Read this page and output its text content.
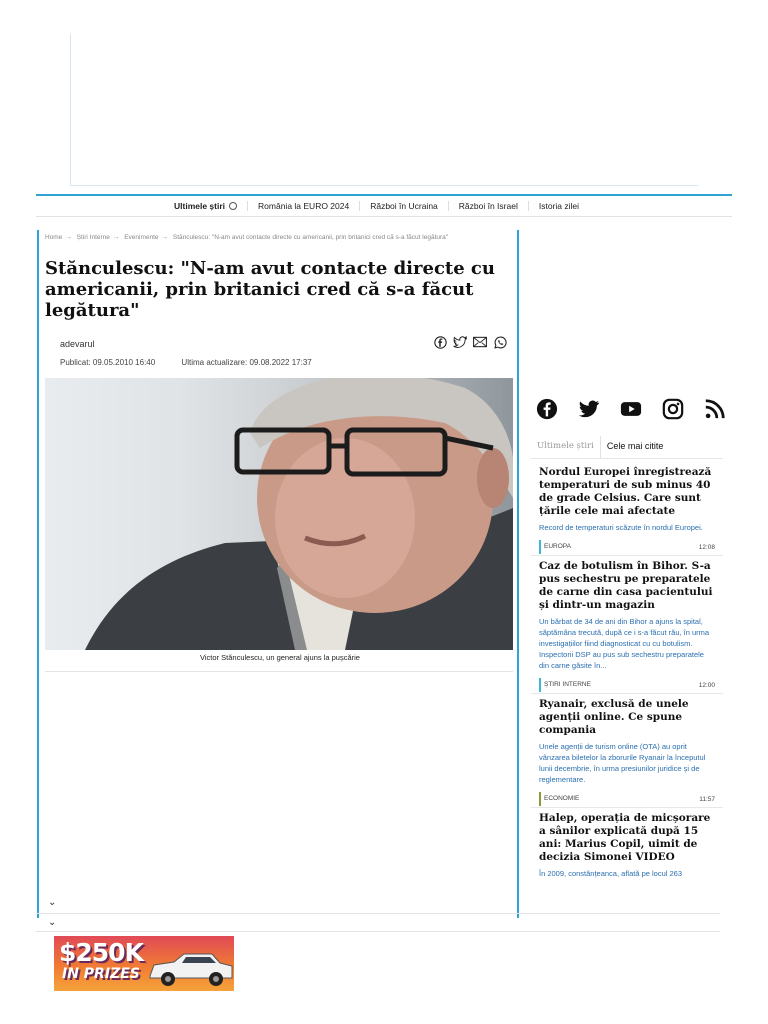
Ultimele știri	România la EURO 2024	Război în Ucraina	Război în Israel	Istoria zilei
Home → Știri Interne → Evenimente → Stănculescu: "N-am avut contacte directe cu americanii, prin britanici cred că s-a făcut legătura"
Stănculescu: "N-am avut contacte directe cu americanii, prin britanici cred că s-a făcut legătura"
adevarul
Publicat: 09.05.2010 16:40	Ultima actualizare: 09.08.2022 17:37
Victor Stănculescu, un general ajuns la pușcărie
Ultimele știri	Cele mai citite
Nordul Europei înregistrează temperaturi de sub minus 40 de grade Celsius. Care sunt țările cele mai afectate
Record de temperaturi scăzute în nordul Europei.
EUROPA	12:08
Caz de botulism în Bihor. S-a pus sechestru pe preparatele de carne din casa pacientului și dintr-un magazin
Un bărbat de 34 de ani din Bihor a ajuns la spital, săptămâna trecută, după ce i s-a făcut rău, în urma investigațiilor fiind diagnosticat cu cu botulism. Inspectorii DSP au pus sub sechestru preparatele din carne găsite în...
ȘTIRI INTERNE	12:00
Ryanair, exclusă de unele agenții online. Ce spune compania
Unele agenții de turism online (OTA) au oprit vânzarea biletelor la zborurile Ryanair la începutul lunii decembrie, în urma presiunilor juridice și de reglementare.
ECONOMIE	11:57
Halep, operația de micșorare a sânilor explicată după 15 ani: Marius Copil, uimit de decizia Simonei VIDEO
În 2009, constănțeanca, aflată pe locul 263
⌄
⌄
$250K
IN PRIZES
